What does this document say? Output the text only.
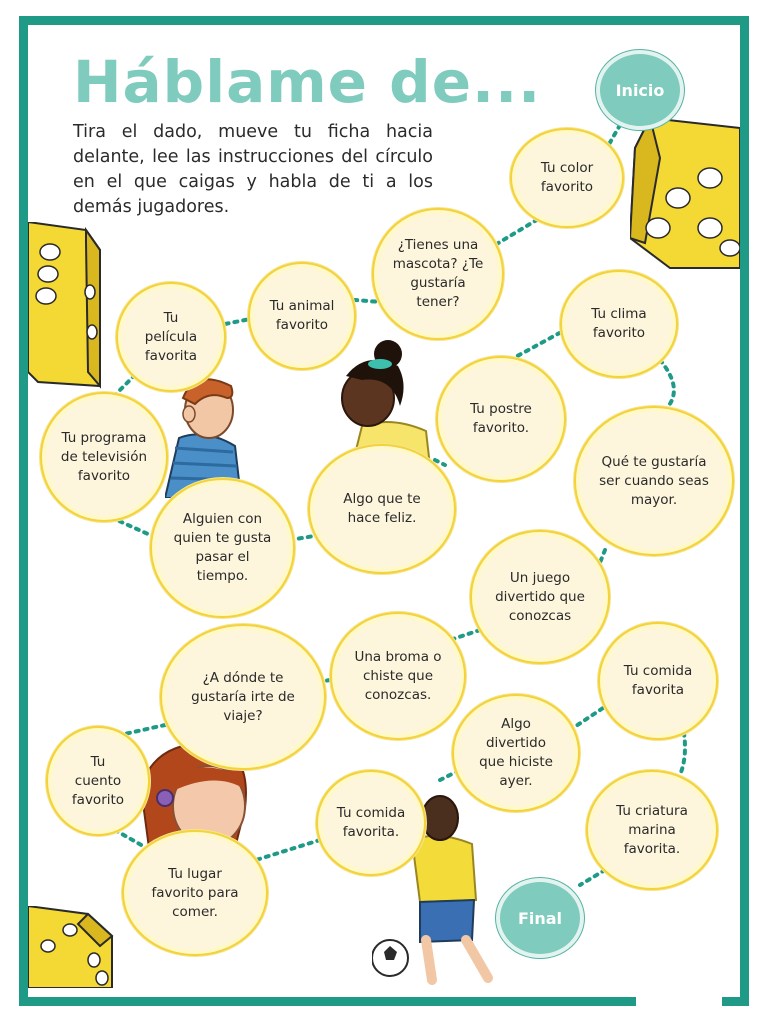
Háblame de...

Tira el dado, mueve tu ficha hacia delante, lee las instrucciones del círculo en el que caigas y habla de ti a los demás jugadores.

Tu color favorito
¿Tienes una mascota? ¿Te gustaría tener?
Tu animal favorito
Tu película favorita
Tu programa de televisión favorito
Alguien con quien te gusta pasar el tiempo.
Algo que te hace feliz.
Tu postre favorito.
Tu clima favorito
Qué te gustaría ser cuando seas mayor.
Un juego divertido que conozcas
Una broma o chiste que conozcas.
¿A dónde te gustaría irte de viaje?
Tu cuento favorito
Tu lugar favorito para comer.
Tu comida favorita.
Algo divertido que hiciste ayer.
Tu comida favorita
Tu criatura marina favorita.
Inicio
Final
